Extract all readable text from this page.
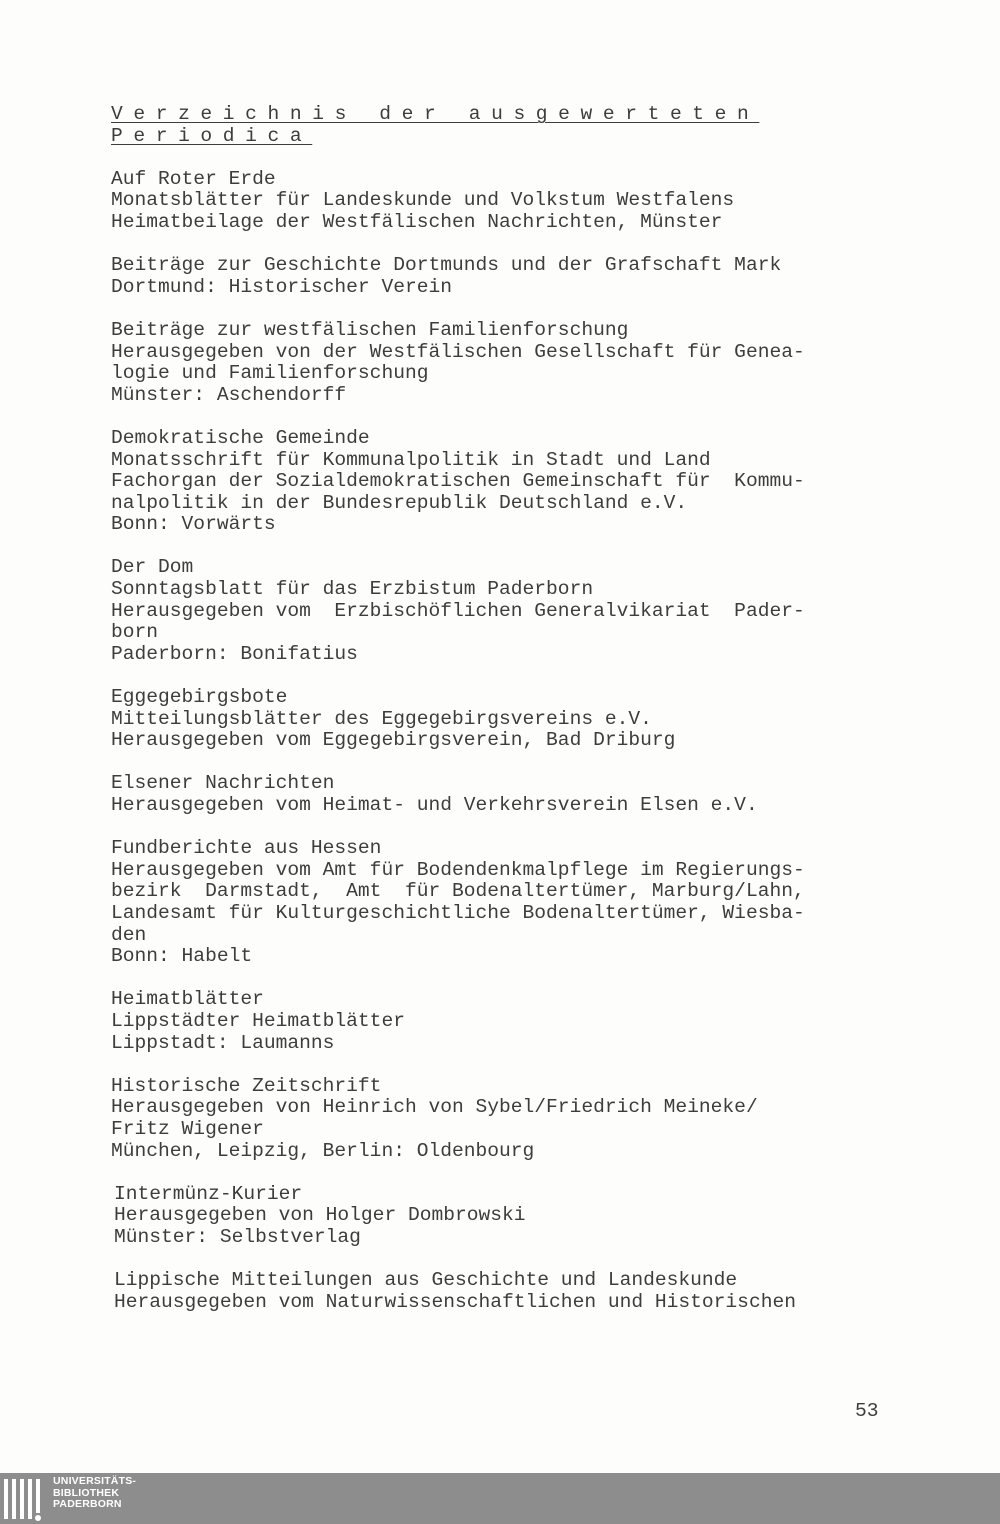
Verzeichnis der ausgewerteten
Periodica
Auf Roter Erde
Monatsblätter für Landeskunde und Volkstum Westfalens
Heimatbeilage der Westfälischen Nachrichten, Münster
Beiträge zur Geschichte Dortmunds und der Grafschaft Mark
Dortmund: Historischer Verein
Beiträge zur westfälischen Familienforschung
Herausgegeben von der Westfälischen Gesellschaft für Genea-
logie und Familienforschung
Münster: Aschendorff
Demokratische Gemeinde
Monatsschrift für Kommunalpolitik in Stadt und Land
Fachorgan der Sozialdemokratischen Gemeinschaft für  Kommu-
nalpolitik in der Bundesrepublik Deutschland e.V.
Bonn: Vorwärts
Der Dom
Sonntagsblatt für das Erzbistum Paderborn
Herausgegeben vom  Erzbischöflichen Generalvikariat  Pader-
born
Paderborn: Bonifatius
Eggegebirgsbote
Mitteilungsblätter des Eggegebirgsvereins e.V.
Herausgegeben vom Eggegebirgsverein, Bad Driburg
Elsener Nachrichten
Herausgegeben vom Heimat- und Verkehrsverein Elsen e.V.
Fundberichte aus Hessen
Herausgegeben vom Amt für Bodendenkmalpflege im Regierungs-
bezirk  Darmstadt,  Amt  für Bodenaltertümer, Marburg/Lahn,
Landesamt für Kulturgeschichtliche Bodenaltertümer, Wiesba-
den
Bonn: Habelt
Heimatblätter
Lippstädter Heimatblätter
Lippstadt: Laumanns
Historische Zeitschrift
Herausgegeben von Heinrich von Sybel/Friedrich Meineke/
Fritz Wigener
München, Leipzig, Berlin: Oldenbourg
Intermünz-Kurier
Herausgegeben von Holger Dombrowski
Münster: Selbstverlag
Lippische Mitteilungen aus Geschichte und Landeskunde
Herausgegeben vom Naturwissenschaftlichen und Historischen
53
UNIVERSITÄTS-
BIBLIOTHEK
PADERBORN
